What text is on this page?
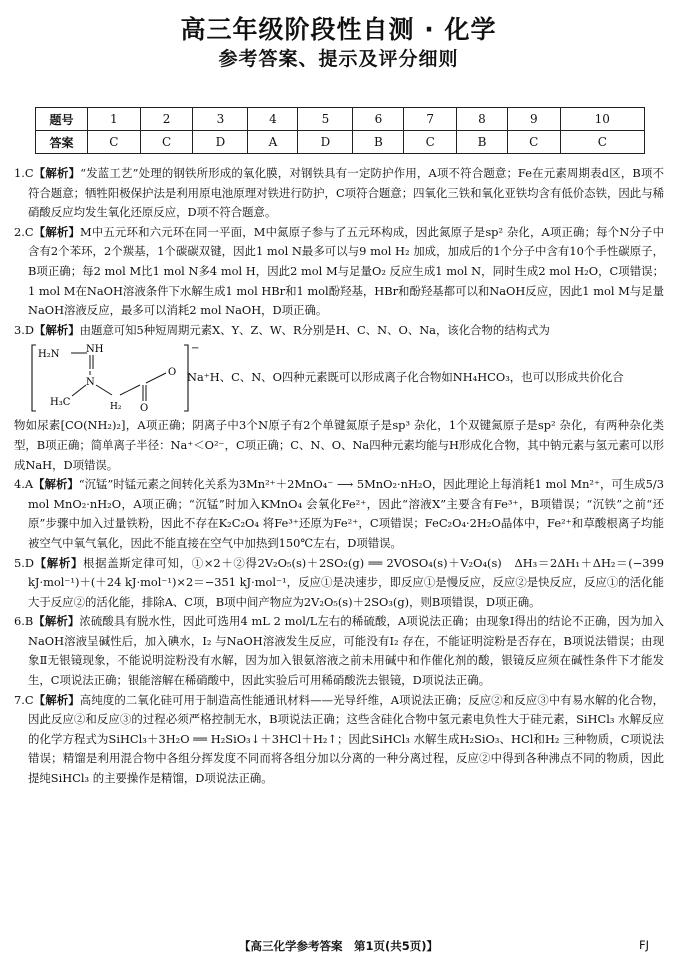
高三年级阶段性自测 · 化学
参考答案、提示及评分细则
题号	1	2	3	4	5	6	7	8	9	10
答案	C	C	D	A	D	B	C	B	C	C
1.C【解析】“发蓝工艺”处理的钢铁所形成的氧化膜，对钢铁具有一定防护作用，A项不符合题意；Fe在元素周期表d区，B项不符合题意；牺牲阳极保护法是利用原电池原理对铁进行防护，C项符合题意；四氧化三铁和氧化亚铁均含有低价态铁，因此与稀硝酸反应均发生氧化还原反应，D项不符合题意。
2.C【解析】M中五元环和六元环在同一平面，M中氮原子参与了五元环构成，因此氮原子是sp² 杂化，A项正确；每个N分子中含有2个苯环，2个羰基，1个碳碳双键，因此1 mol N最多可以与9 mol H₂ 加成，加成后的1个分子中含有10个手性碳原子，B项正确；每2 mol M比1 mol N多4 mol H，因此2 mol M与足量O₂ 反应生成1 mol N，同时生成2 mol H₂O，C项错误；1 mol M在NaOH溶液条件下水解生成1 mol HBr和1 mol酚羟基，HBr和酚羟基都可以和NaOH反应，因此1 mol M与足量NaOH溶液反应，最多可以消耗2 mol NaOH，D项正确。
3.D【解析】由题意可知5种短周期元素X、Y、Z、W、R分别是H、C、N、O、Na，该化合物的结构式为
H₂N	NH
N
H₃C	H₂ O
O
−
Na⁺H、C、N、O四种元素既可以形成离子化合物如NH₄HCO₃，也可以形成共价化合
物如尿素[CO(NH₂)₂]，A项正确；阴离子中3个N原子有2个单键氮原子是sp³ 杂化，1个双键氮原子是sp² 杂化，有两种杂化类型，B项正确；简单离子半径：Na⁺＜O²⁻，C项正确；C、N、O、Na四种元素均能与H形成化合物，其中钠元素与氢元素可以形成NaH，D项错误。
4.A【解析】“沉锰”时锰元素之间转化关系为3Mn²⁺＋2MnO₄⁻ ⟶ 5MnO₂·nH₂O，因此理论上每消耗1 mol Mn²⁺，可生成5/3 mol MnO₂·nH₂O，A项正确；“沉锰”时加入KMnO₄ 会氧化Fe²⁺，因此“溶液X”主要含有Fe³⁺，B项错误；“沉铁”之前“还原”步骤中加入过量铁粉，因此不存在K₂C₂O₄ 将Fe³⁺还原为Fe²⁺，C项错误；FeC₂O₄·2H₂O晶体中，Fe²⁺和草酸根离子均能被空气中氧气氧化，因此不能直接在空气中加热到150℃左右，D项错误。
5.D【解析】根据盖斯定律可知，①×2＋②得2V₂O₅(s)＋2SO₂(g) ══ 2VOSO₄(s)＋V₂O₄(s)　ΔH₃＝2ΔH₁＋ΔH₂＝(−399 kJ·mol⁻¹)＋(＋24 kJ·mol⁻¹)×2＝−351 kJ·mol⁻¹，反应①是决速步，即反应①是慢反应，反应②是快反应，反应①的活化能大于反应②的活化能，排除A、C项，B项中间产物应为2V₂O₅(s)＋2SO₃(g)，则B项错误，D项正确。
6.B【解析】浓硫酸具有脱水性，因此可选用4 mL 2 mol/L左右的稀硫酸，A项说法正确；由现象Ⅰ得出的结论不正确，因为加入NaOH溶液呈碱性后，加入碘水，I₂ 与NaOH溶液发生反应，可能没有I₂ 存在，不能证明淀粉是否存在，B项说法错误；由现象Ⅱ无银镜现象，不能说明淀粉没有水解，因为加入银氨溶液之前未用碱中和作催化剂的酸，银镜反应须在碱性条件下才能发生，C项说法正确；银能溶解在稀硝酸中，因此实验后可用稀硝酸洗去银镜，D项说法正确。
7.C【解析】高纯度的二氧化硅可用于制造高性能通讯材料——光导纤维，A项说法正确；反应②和反应③中有易水解的化合物，因此反应②和反应③的过程必须严格控制无水，B项说法正确；这些含硅化合物中氢元素电负性大于硅元素，SiHCl₃ 水解反应的化学方程式为SiHCl₃＋3H₂O ══ H₂SiO₃↓＋3HCl＋H₂↑；因此SiHCl₃ 水解生成H₂SiO₃、HCl和H₂ 三种物质，C项说法错误；精馏是利用混合物中各组分挥发度不同而将各组分加以分离的一种分离过程，反应②中得到各种沸点不同的物质，因此提纯SiHCl₃ 的主要操作是精馏，D项说法正确。
【高三化学参考答案　第1页(共5页)】	FJ
